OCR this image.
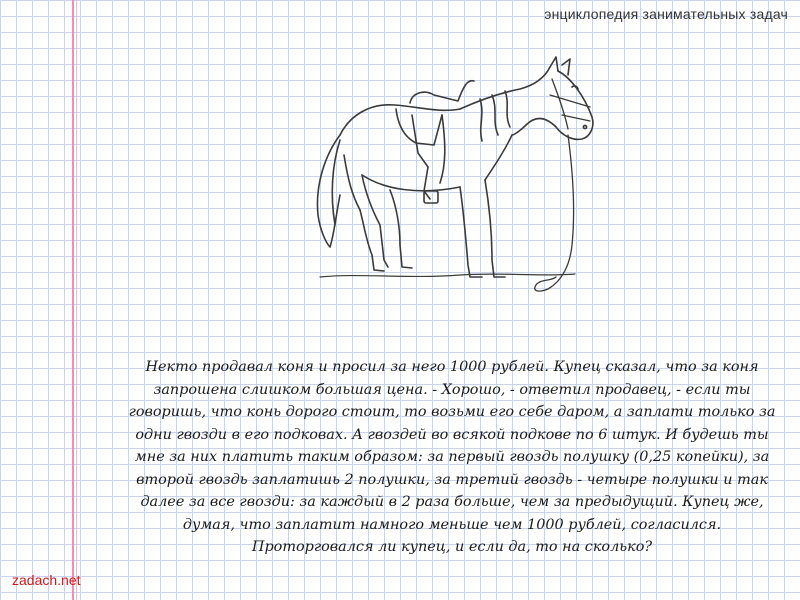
энциклопедия занимательных задач
Некто продавал коня и просил за него 1000 рублей. Купец сказал, что за коня запрошена слишком большая цена. - Хорошо, - ответил продавец, - если ты говоришь, что конь дорого стоит, то возьми его себе даром, а заплати только за одни гвозди в его подковах. А гвоздей во всякой подкове по 6 штук. И будешь ты мне за них платить таким образом: за первый гвоздь полушку (0,25 копейки), за второй гвоздь заплатишь 2 полушки, за третий гвоздь - четыре полушки и так далее за все гвозди: за каждый в 2 раза больше, чем за предыдущий. Купец же, думая, что заплатит намного меньше чем 1000 рублей, согласился. Проторговался ли купец, и если да, то на сколько?
zadach.net
